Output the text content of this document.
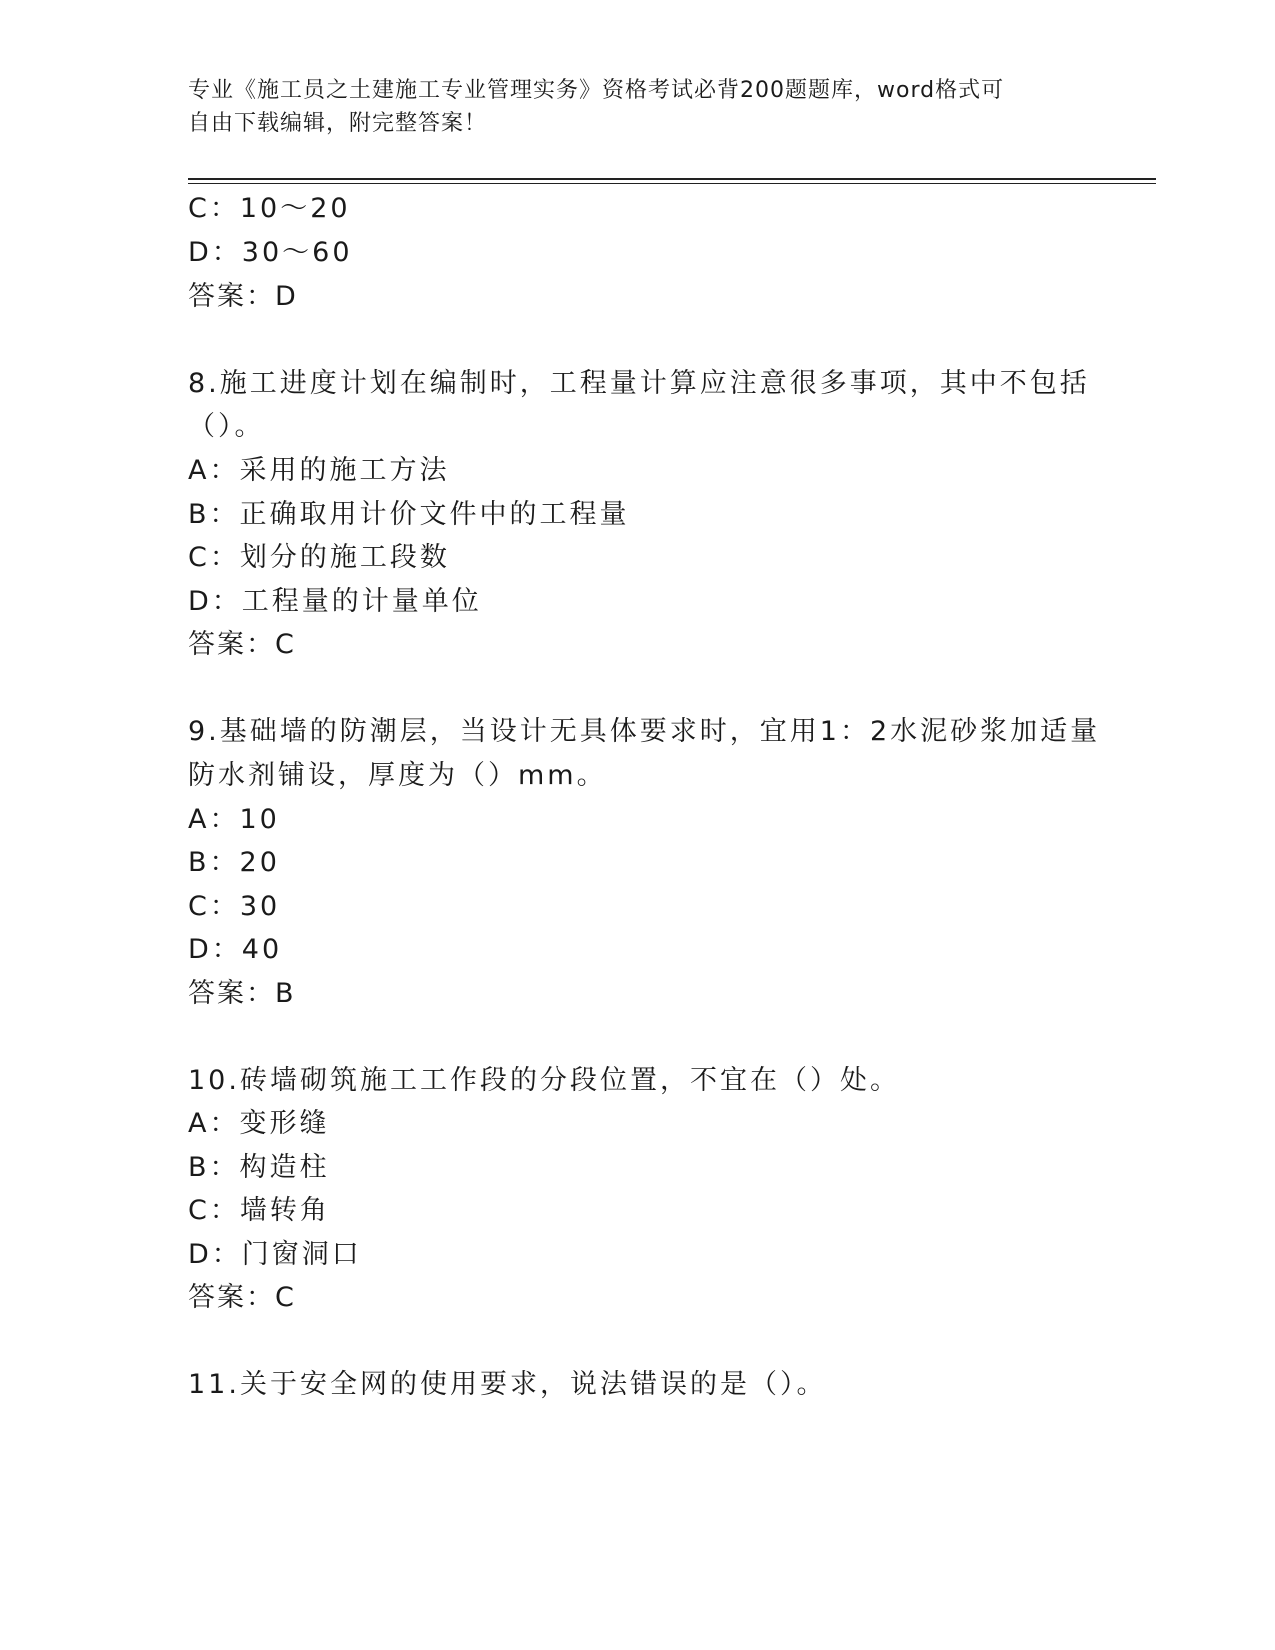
专业《施工员之土建施工专业管理实务》资格考试必背200题题库，word格式可
自由下载编辑，附完整答案！
C：10～20
D：30～60
答案：D
8.施工进度计划在编制时，工程量计算应注意很多事项，其中不包括
（）。
A：采用的施工方法
B：正确取用计价文件中的工程量
C：划分的施工段数
D：工程量的计量单位
答案：C
9.基础墙的防潮层，当设计无具体要求时，宜用1：2水泥砂浆加适量
防水剂铺设，厚度为（）mm。
A：10
B：20
C：30
D：40
答案：B
10.砖墙砌筑施工工作段的分段位置，不宜在（）处。
A：变形缝
B：构造柱
C：墙转角
D：门窗洞口
答案：C
11.关于安全网的使用要求，说法错误的是（）。
